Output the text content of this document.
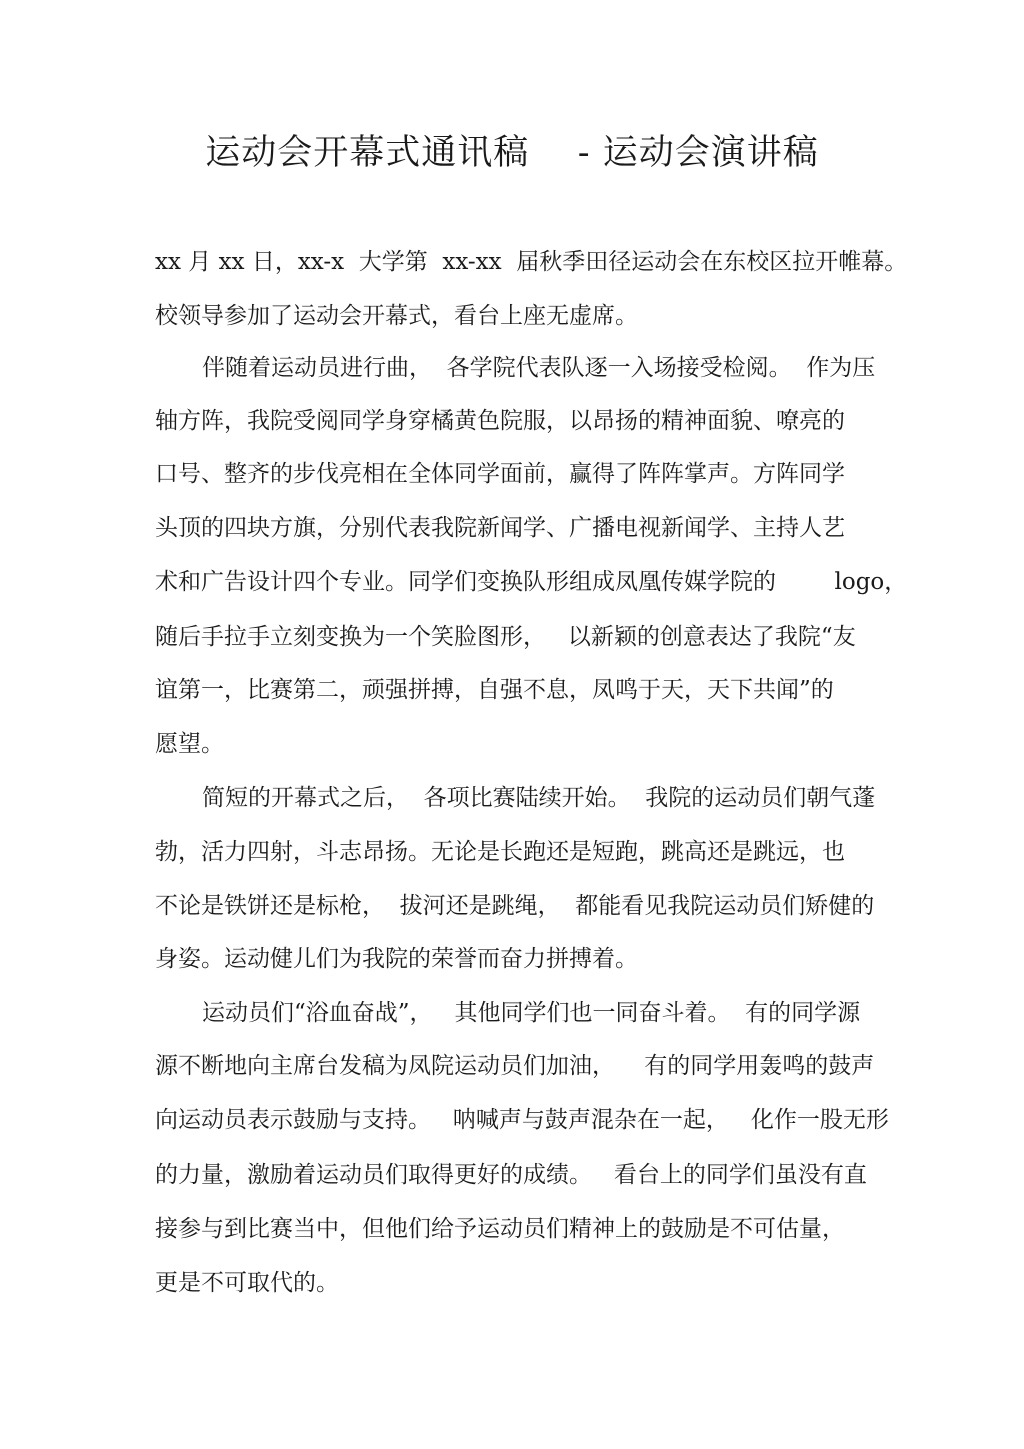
运动会开幕式通讯稿    - 运动会演讲稿
xx 月 xx 日，xx-x  大学第  xx-xx  届秋季田径运动会在东校区拉开帷幕。
校领导参加了运动会开幕式，看台上座无虚席。
伴随着运动员进行曲，  各学院代表队逐一入场接受检阅。  作为压
轴方阵，我院受阅同学身穿橘黄色院服，以昂扬的精神面貌、嘹亮的
口号、整齐的步伐亮相在全体同学面前，赢得了阵阵掌声。方阵同学
头顶的四块方旗，分别代表我院新闻学、广播电视新闻学、主持人艺
术和广告设计四个专业。同学们变换队形组成凤凰传媒学院的        logo，
随后手拉手立刻变换为一个笑脸图形，   以新颖的创意表达了我院“友
谊第一，比赛第二，顽强拼搏，自强不息，凤鸣于天，天下共闻”的
愿望。
简短的开幕式之后，  各项比赛陆续开始。  我院的运动员们朝气蓬
勃，活力四射，斗志昂扬。无论是长跑还是短跑，跳高还是跳远，也
不论是铁饼还是标枪，  拔河还是跳绳，  都能看见我院运动员们矫健的
身姿。运动健儿们为我院的荣誉而奋力拼搏着。
运动员们“浴血奋战”，   其他同学们也一同奋斗着。  有的同学源
源不断地向主席台发稿为凤院运动员们加油，    有的同学用轰鸣的鼓声
向运动员表示鼓励与支持。   呐喊声与鼓声混杂在一起，   化作一股无形
的力量，激励着运动员们取得更好的成绩。   看台上的同学们虽没有直
接参与到比赛当中，但他们给予运动员们精神上的鼓励是不可估量，
更是不可取代的。
